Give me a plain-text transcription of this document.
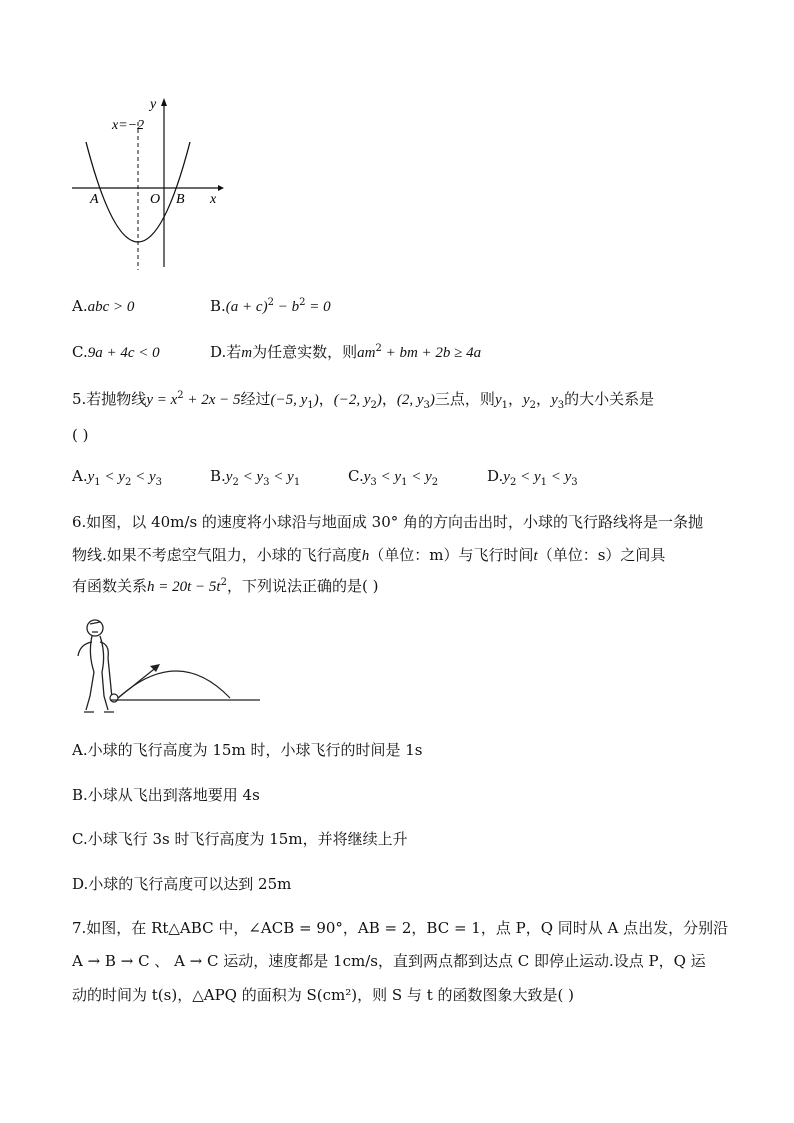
y
x=−2
A	O B x
A.abc > 0	$B.(a + c)^2 - b^2 = 0$
C.9a + 4c < 0	D.若m为任意实数，则$am^2$ + bm + 2b ≥ 4a
5.若抛物线$y = x^2 + 2x - 5$经过(−5, $y_1$)，(−2, $y_2$)，(2, $y_3$)三点，则$y_1$，$y_2$，$y_3$的大小关系是
( )
$A.y_1 < y_2 < y_3$	$B.y_2 < y_3 < y_1$	$C.y_3 < y_1 < y_2$	$D.y_2 < y_1 < y_3$
6.如图，以 40m/s 的速度将小球沿与地面成 30° 角的方向击出时，小球的飞行路线将是一条抛
物线.如果不考虑空气阻力，小球的飞行高度h（单位：m）与飞行时间t（单位：s）之间具
有函数关系$h = 20t - 5t^2$，下列说法正确的是( )
A.小球的飞行高度为 15m 时，小球飞行的时间是 1s
B.小球从飞出到落地要用 4s
C.小球飞行 3s 时飞行高度为 15m，并将继续上升
D.小球的飞行高度可以达到 25m
7.如图，在 Rt△ABC 中，∠ACB = 90°，AB = 2，BC = 1，点 P，Q 同时从 A 点出发，分别沿
A → B → C 、 A → C 运动，速度都是 1cm/s，直到两点都到达点 C 即停止运动.设点 P，Q 运
动的时间为 t(s)，△APQ 的面积为 S(cm²)，则 S 与 t 的函数图象大致是( )
